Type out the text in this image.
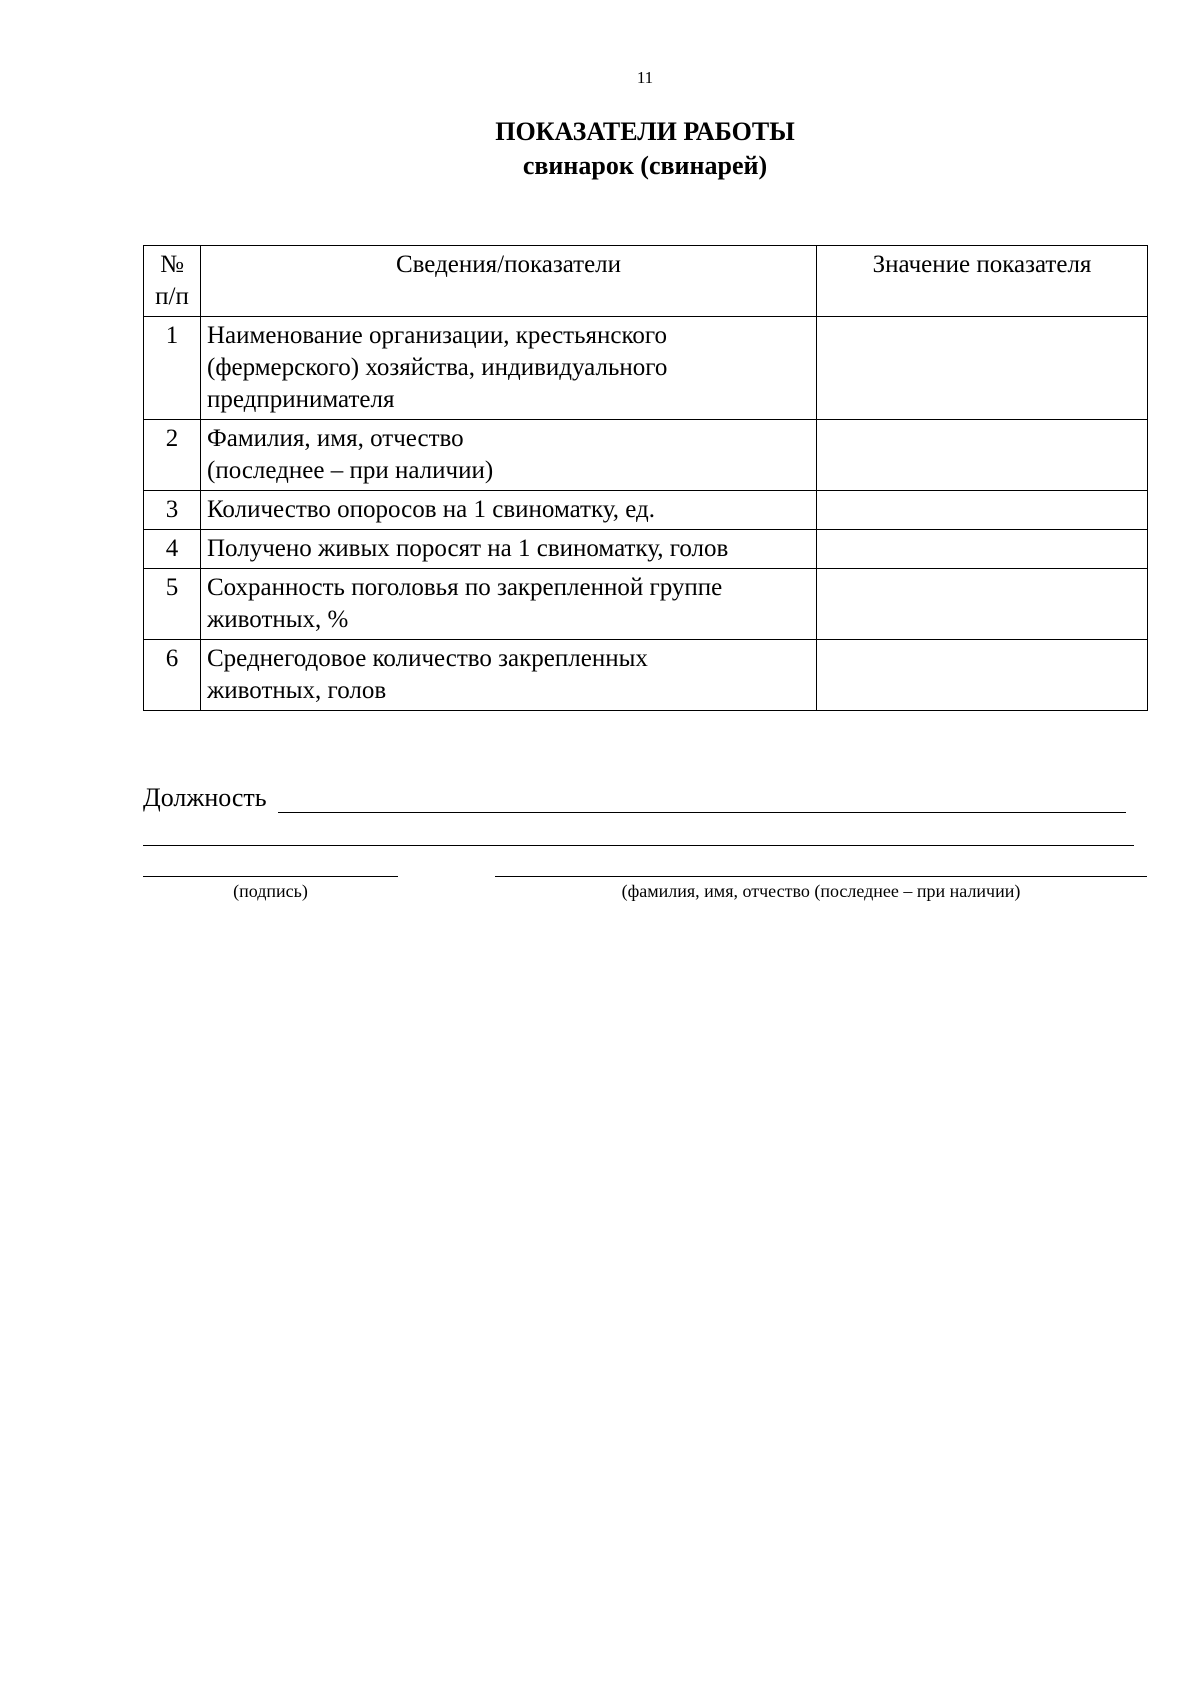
11
ПОКАЗАТЕЛИ РАБОТЫ
свинарок (свинарей)
№
п/п	Сведения/показатели	Значение показателя
1	Наименование организации, крестьянского
(фермерского) хозяйства, индивидуального
предпринимателя	
2	Фамилия, имя, отчество
(последнее – при наличии)	
3	Количество опоросов на 1 свиноматку, ед.	
4	Получено живых поросят на 1 свиноматку, голов	
5	Сохранность поголовья по закрепленной группе
животных, %	
6	Среднегодовое количество закрепленных
животных, голов	
Должность
(подпись)	(фамилия, имя, отчество (последнее – при наличии)
